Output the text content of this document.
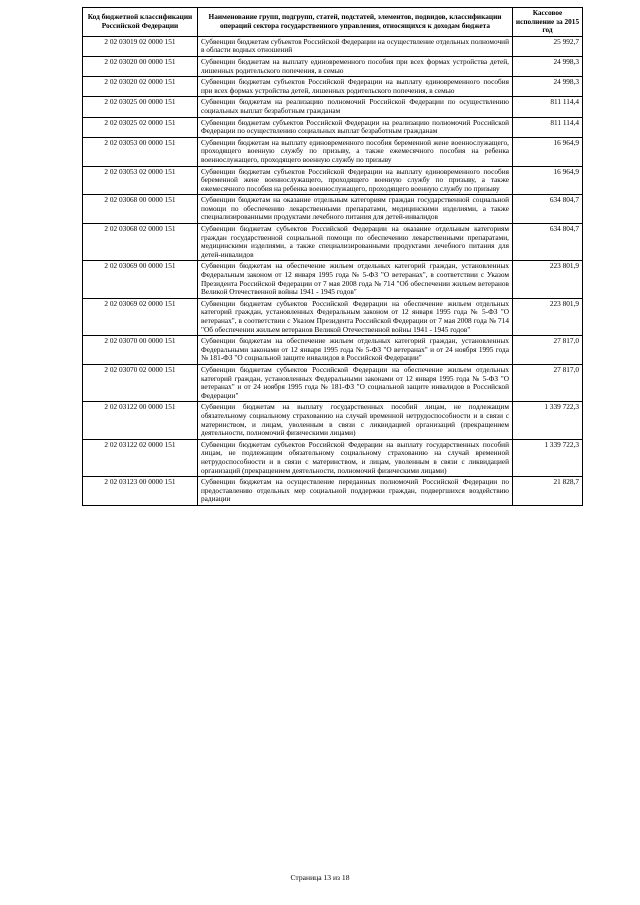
Код бюджетной классификации Российской Федерации	Наименование групп, подгрупп, статей, подстатей, элементов, подвидов, классификации операций сектора государственного управления, относящихся к доходам бюджета	Кассовое исполнение за 2015 год
2 02 03019 02 0000 151	Субвенции бюджетам субъектов Российской Федерации на осуществление отдельных полномочий в области водных отношений	25 992,7
2 02 03020 00 0000 151	Субвенции бюджетам на выплату единовременного пособия при всех формах устройства детей, лишенных родительского попечения, в семью	24 998,3
2 02 03020 02 0000 151	Субвенции бюджетам субъектов Российской Федерации на выплату единовременного пособия при всех формах устройства детей, лишенных родительского попечения, в семью	24 998,3
2 02 03025 00 0000 151	Субвенции бюджетам на реализацию полномочий Российской Федерации по осуществлению социальных выплат безработным гражданам	811 114,4
2 02 03025 02 0000 151	Субвенции бюджетам субъектов Российской Федерации на реализацию полномочий Российской Федерации по осуществлению социальных выплат безработным гражданам	811 114,4
2 02 03053 00 0000 151	Субвенции бюджетам на выплату единовременного пособия беременной жене военнослужащего, проходящего военную службу по призыву, а также ежемесячного пособия на ребенка военнослужащего, проходящего военную службу по призыву	16 964,9
2 02 03053 02 0000 151	Субвенции бюджетам субъектов Российской Федерации на выплату единовременного пособия беременной жене военнослужащего, проходящего военную службу по призыву, а также ежемесячного пособия на ребенка военнослужащего, проходящего военную службу по призыву	16 964,9
2 02 03068 00 0000 151	Субвенции бюджетам на оказание отдельным категориям граждан государственной социальной помощи по обеспечению лекарственными препаратами, медицинскими изделиями, а также специализированными продуктами лечебного питания для детей-инвалидов	634 804,7
2 02 03068 02 0000 151	Субвенции бюджетам субъектов Российской Федерации на оказание отдельным категориям граждан государственной социальной помощи по обеспечению лекарственными препаратами, медицинскими изделиями, а также специализированными продуктами лечебного питания для детей-инвалидов	634 804,7
2 02 03069 00 0000 151	Субвенции бюджетам на обеспечение жильем отдельных категорий граждан, установленных Федеральным законом от 12 января 1995 года № 5-ФЗ "О ветеранах", в соответствии с Указом Президента Российской Федерации от 7 мая 2008 года № 714 "Об обеспечении жильем ветеранов Великой Отечественной войны 1941 - 1945 годов"	223 801,9
2 02 03069 02 0000 151	Субвенции бюджетам субъектов Российской Федерации на обеспечение жильем отдельных категорий граждан, установленных Федеральным законом от 12 января 1995 года № 5-ФЗ "О ветеранах", в соответствии с Указом Президента Российской Федерации от 7 мая 2008 года № 714 "Об обеспечении жильем ветеранов Великой Отечественной войны 1941 - 1945 годов"	223 801,9
2 02 03070 00 0000 151	Субвенции бюджетам на обеспечение жильем отдельных категорий граждан, установленных Федеральными законами от 12 января 1995 года № 5-ФЗ "О ветеранах" и от 24 ноября 1995 года № 181-ФЗ "О социальной защите инвалидов в Российской Федерации"	27 817,0
2 02 03070 02 0000 151	Субвенции бюджетам субъектов Российской Федерации на обеспечение жильем отдельных категорий граждан, установленных Федеральными законами от 12 января 1995 года № 5-ФЗ "О ветеранах" и от 24 ноября 1995 года № 181-ФЗ "О социальной защите инвалидов в Российской Федерации"	27 817,0
2 02 03122 00 0000 151	Субвенции бюджетам на выплату государственных пособий лицам, не подлежащим обязательному социальному страхованию на случай временной нетрудоспособности и в связи с материнством, и лицам, уволенным в связи с ликвидацией организаций (прекращением деятельности, полномочий физическими лицами)	1 339 722,3
2 02 03122 02 0000 151	Субвенции бюджетам субъектов Российской Федерации на выплату государственных пособий лицам, не подлежащим обязательному социальному страхованию на случай временной нетрудоспособности и в связи с материнством, и лицам, уволенным в связи с ликвидацией организаций (прекращением деятельности, полномочий физическими лицами)	1 339 722,3
2 02 03123 00 0000 151	Субвенции бюджетам на осуществление переданных полномочий Российской Федерации по предоставлению отдельных мер социальной поддержки граждан, подвергшихся воздействию радиации	21 828,7
Страница 13 из 18
